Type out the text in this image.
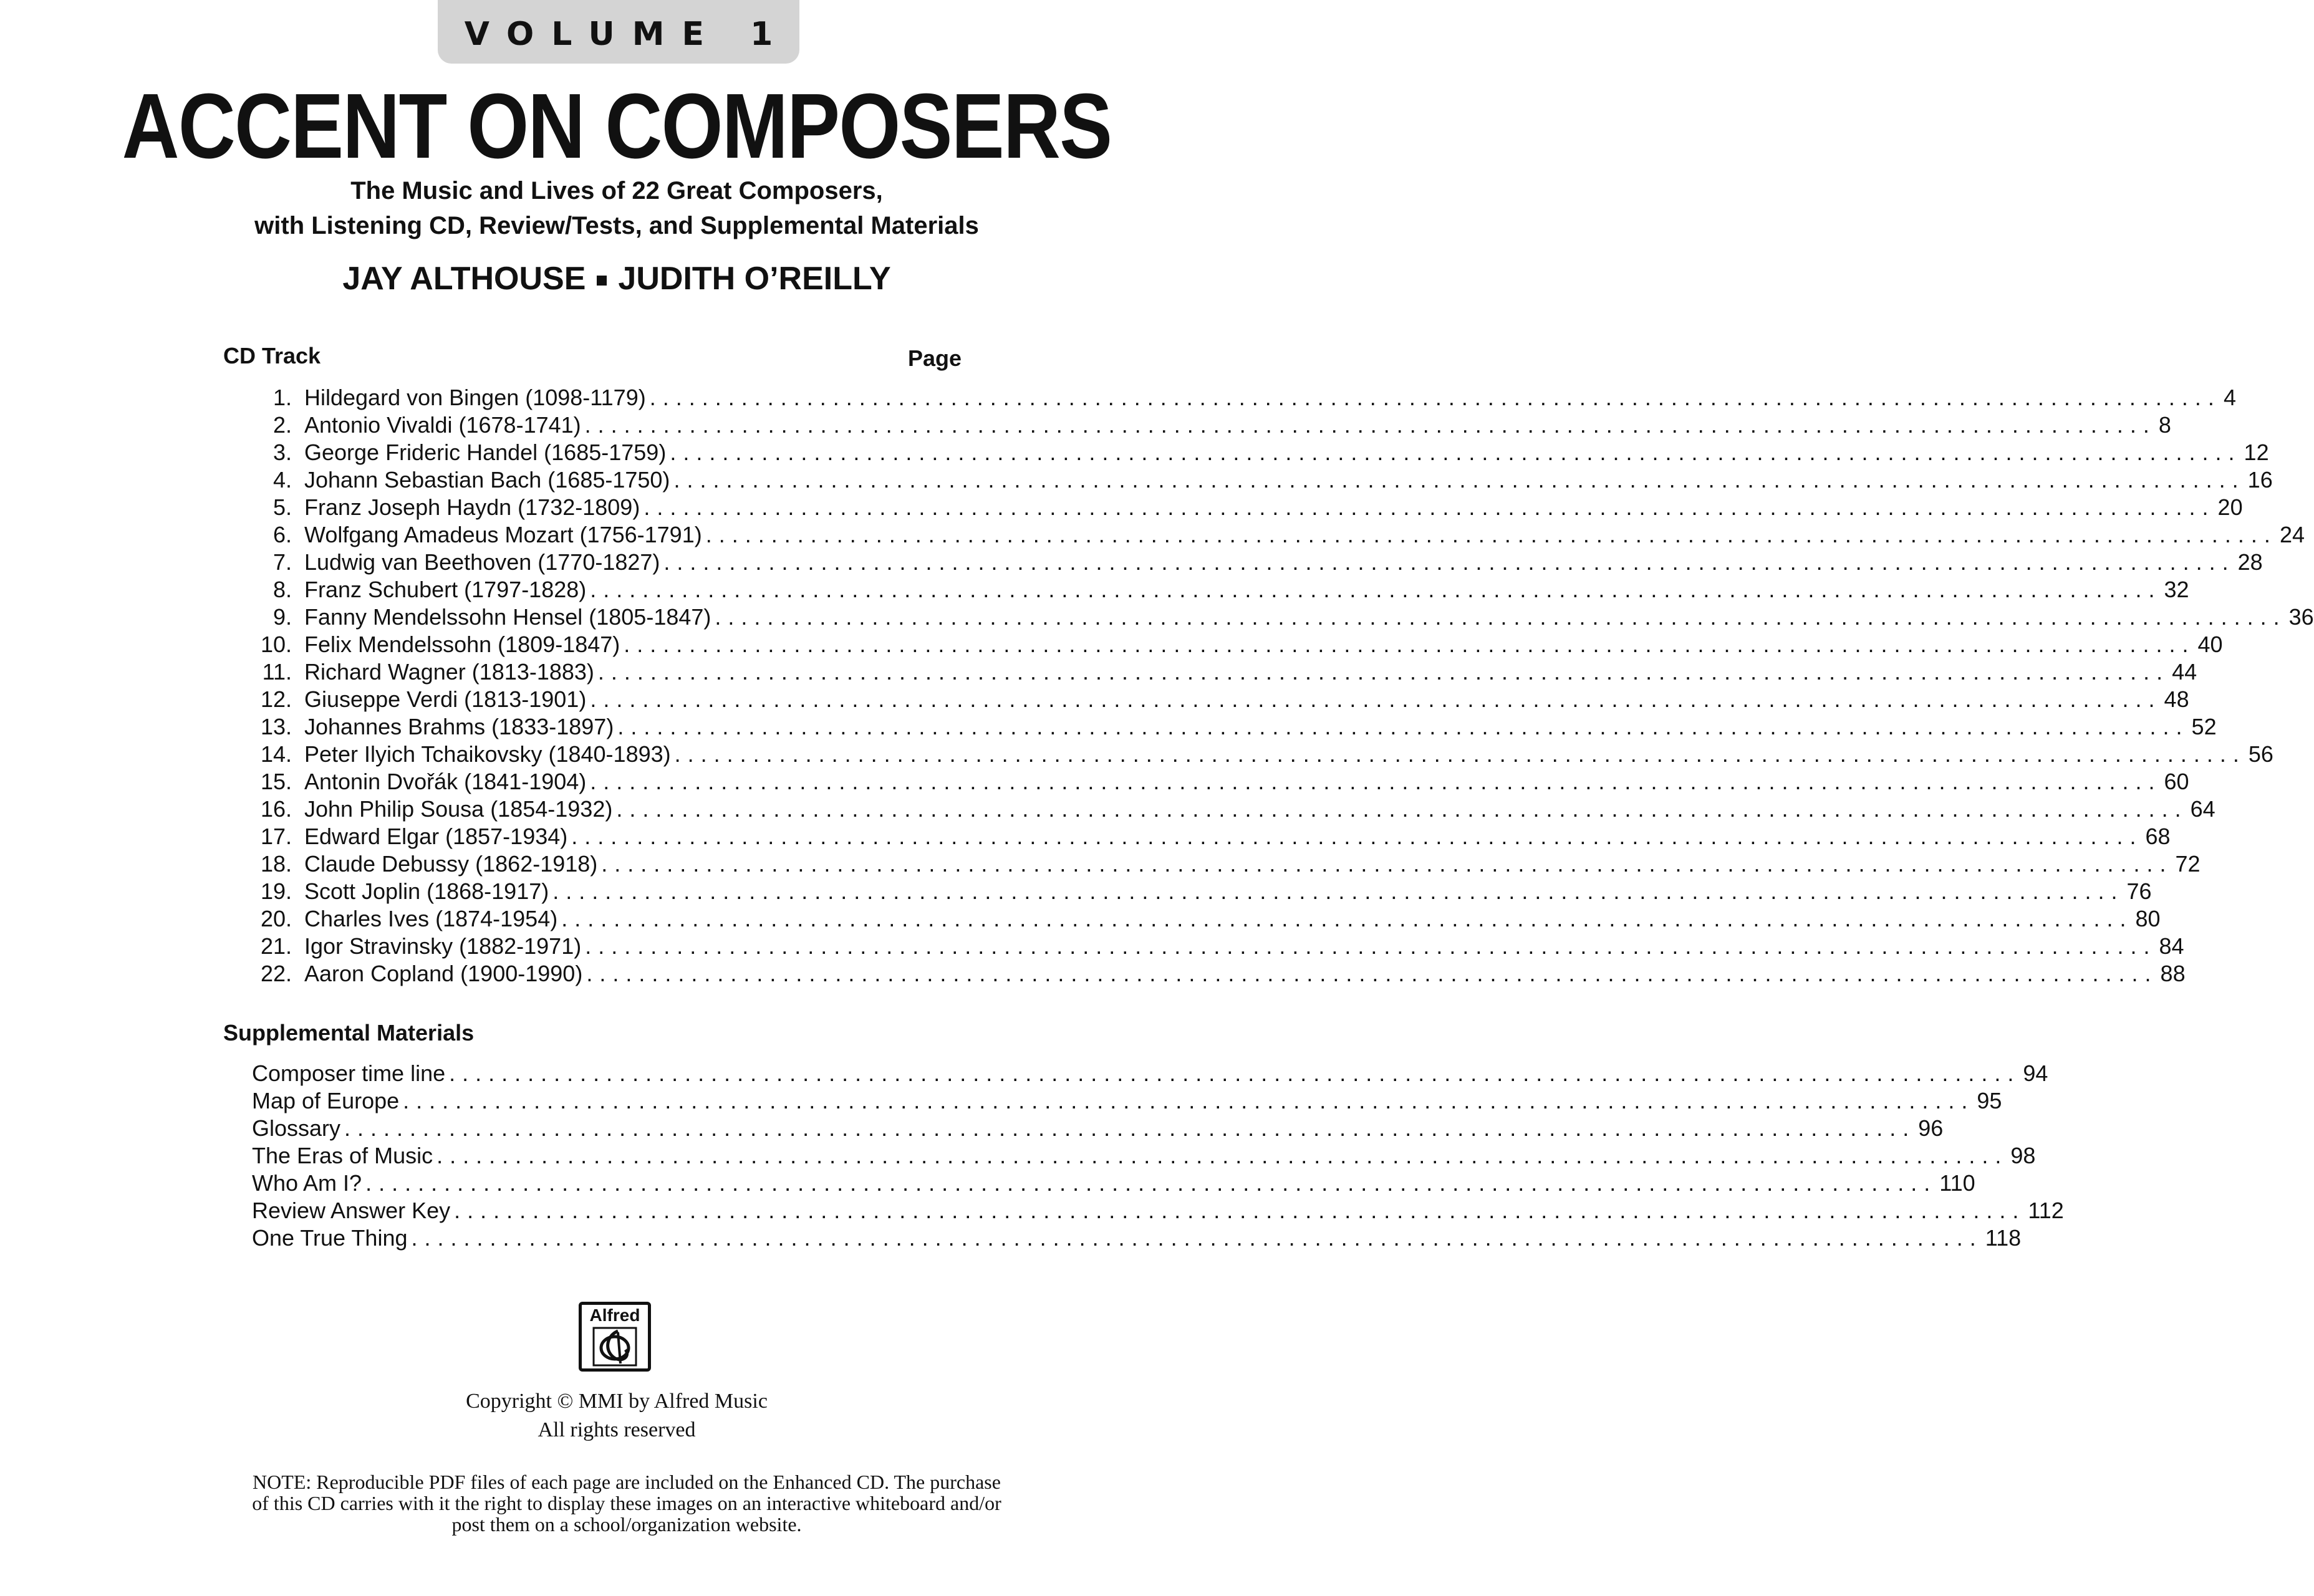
VOLUME 1
ACCENT ON COMPOSERS
The Music and Lives of 22 Great Composers,
with Listening CD, Review/Tests, and Supplemental Materials
JAY ALTHOUSE JUDITH O’REILLY
CD Track	Page
1. Hildegard von Bingen (1098-1179) ........................................................................................................................ 4
2. Antonio Vivaldi (1678-1741) ........................................................................................................................ 8
3. George Frideric Handel (1685-1759) ........................................................................................................................ 12
4. Johann Sebastian Bach (1685-1750) ........................................................................................................................ 16
5. Franz Joseph Haydn (1732-1809) ........................................................................................................................ 20
6. Wolfgang Amadeus Mozart (1756-1791) ........................................................................................................................ 24
7. Ludwig van Beethoven (1770-1827) ........................................................................................................................ 28
8. Franz Schubert (1797-1828) ........................................................................................................................ 32
9. Fanny Mendelssohn Hensel (1805-1847) ........................................................................................................................ 36
10. Felix Mendelssohn (1809-1847) ........................................................................................................................ 40
11. Richard Wagner (1813-1883) ........................................................................................................................ 44
12. Giuseppe Verdi (1813-1901) ........................................................................................................................ 48
13. Johannes Brahms (1833-1897) ........................................................................................................................ 52
14. Peter Ilyich Tchaikovsky (1840-1893) ........................................................................................................................ 56
15. Antonin Dvořák (1841-1904) ........................................................................................................................ 60
16. John Philip Sousa (1854-1932) ........................................................................................................................ 64
17. Edward Elgar (1857-1934) ........................................................................................................................ 68
18. Claude Debussy (1862-1918) ........................................................................................................................ 72
19. Scott Joplin (1868-1917) ........................................................................................................................ 76
20. Charles Ives (1874-1954) ........................................................................................................................ 80
21. Igor Stravinsky (1882-1971) ........................................................................................................................ 84
22. Aaron Copland (1900-1990) ........................................................................................................................ 88
Supplemental Materials
Composer time line ........................................................................................................................ 94
Map of Europe ........................................................................................................................ 95
Glossary ........................................................................................................................ 96
The Eras of Music ........................................................................................................................ 98
Who Am I? ........................................................................................................................ 110
Review Answer Key ........................................................................................................................ 112
One True Thing ........................................................................................................................ 118
Alfred
Copyright © MMI by Alfred Music
All rights reserved
NOTE: Reproducible PDF files of each page are included on the Enhanced CD. The purchase
of this CD carries with it the right to display these images on an interactive whiteboard and/or
post them on a school/organization website.
